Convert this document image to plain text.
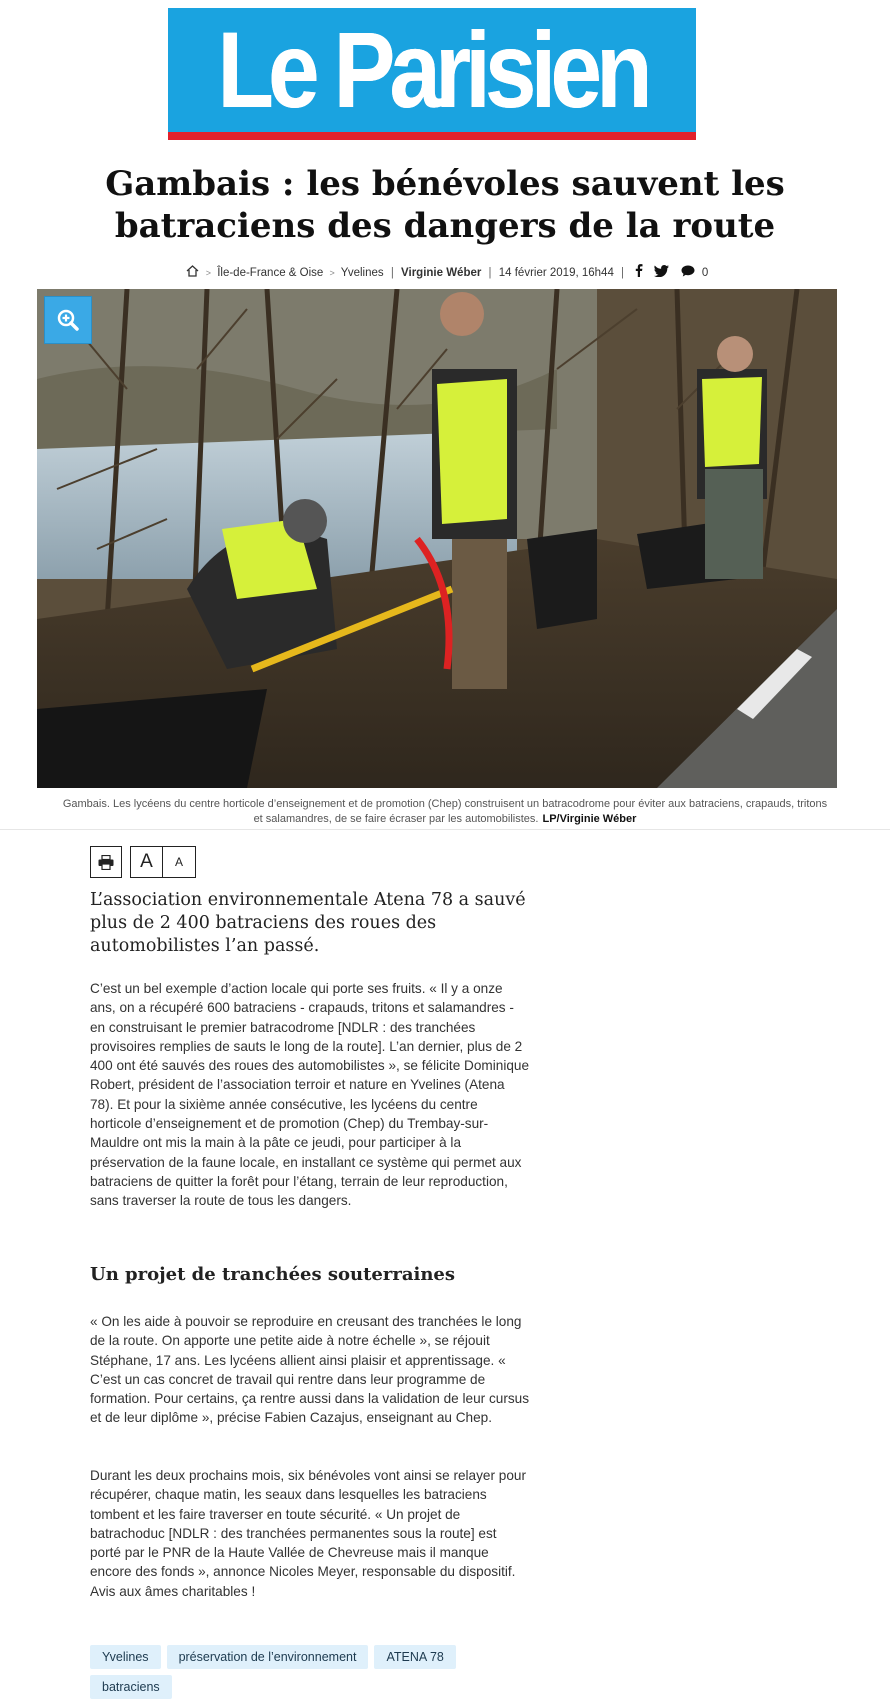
Le Parisien
Gambais : les bénévoles sauvent les batraciens des dangers de la route
> Île-de-France & Oise > Yvelines | Virginie Wéber | 14 février 2019, 16h44 |	0
Gambais. Les lycéens du centre horticole d’enseignement et de promotion (Chep) construisent un batracodrome pour éviter aux batraciens, crapauds, tritons et salamandres, de se faire écraser par les automobilistes. LP/Virginie Wéber
A	A

L’association environnementale Atena 78 a sauvé plus de 2 400 batraciens des roues des automobilistes l’an passé.

C’est un bel exemple d’action locale qui porte ses fruits. « Il y a onze ans, on a récupéré 600 batraciens - crapauds, tritons et salamandres - en construisant le premier batracodrome [NDLR : des tranchées provisoires remplies de sauts le long de la route]. L’an dernier, plus de 2 400 ont été sauvés des roues des automobilistes », se félicite Dominique Robert, président de l’association terroir et nature en Yvelines (Atena 78). Et pour la sixième année consécutive, les lycéens du centre horticole d’enseignement et de promotion (Chep) du Trembay-sur-Mauldre ont mis la main à la pâte ce jeudi, pour participer à la préservation de la faune locale, en installant ce système qui permet aux batraciens de quitter la forêt pour l’étang, terrain de leur reproduction, sans traverser la route de tous les dangers.

Un projet de tranchées souterraines

« On les aide à pouvoir se reproduire en creusant des tranchées le long de la route. On apporte une petite aide à notre échelle », se réjouit Stéphane, 17 ans. Les lycéens allient ainsi plaisir et apprentissage. « C’est un cas concret de travail qui rentre dans leur programme de formation. Pour certains, ça rentre aussi dans la validation de leur cursus et de leur diplôme », précise Fabien Cazajus, enseignant au Chep.

Durant les deux prochains mois, six bénévoles vont ainsi se relayer pour récupérer, chaque matin, les seaux dans lesquelles les batraciens tombent et les faire traverser en toute sécurité. « Un projet de batrachoduc [NDLR : des tranchées permanentes sous la route] est porté par le PNR de la Haute Vallée de Chevreuse mais il manque encore des fonds », annonce Nicoles Meyer, responsable du dispositif. Avis aux âmes charitables !

Yvelines	préservation de l’environnement	ATENA 78
batraciens
